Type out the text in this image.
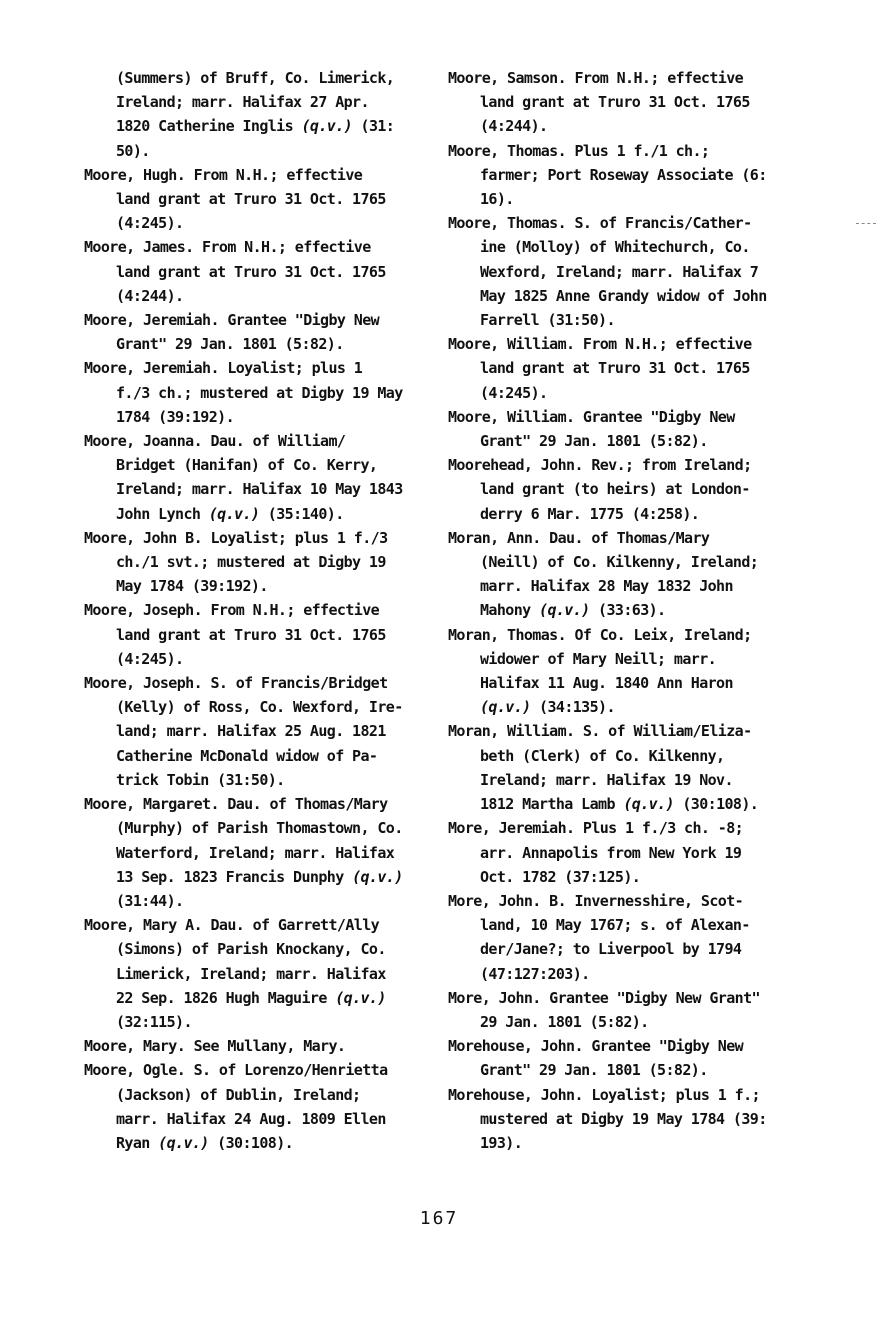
(Summers) of Bruff, Co. Limerick,
Ireland; marr. Halifax 27 Apr.
1820 Catherine Inglis (q.v.) (31:
50).
Moore, Hugh. From N.H.; effective
land grant at Truro 31 Oct. 1765
(4:245).
Moore, James. From N.H.; effective
land grant at Truro 31 Oct. 1765
(4:244).
Moore, Jeremiah. Grantee "Digby New
Grant" 29 Jan. 1801 (5:82).
Moore, Jeremiah. Loyalist; plus 1
f./3 ch.; mustered at Digby 19 May
1784 (39:192).
Moore, Joanna. Dau. of William/
Bridget (Hanifan) of Co. Kerry,
Ireland; marr. Halifax 10 May 1843
John Lynch (q.v.) (35:140).
Moore, John B. Loyalist; plus 1 f./3
ch./1 svt.; mustered at Digby 19
May 1784 (39:192).
Moore, Joseph. From N.H.; effective
land grant at Truro 31 Oct. 1765
(4:245).
Moore, Joseph. S. of Francis/Bridget
(Kelly) of Ross, Co. Wexford, Ire-
land; marr. Halifax 25 Aug. 1821
Catherine McDonald widow of Pa-
trick Tobin (31:50).
Moore, Margaret. Dau. of Thomas/Mary
(Murphy) of Parish Thomastown, Co.
Waterford, Ireland; marr. Halifax
13 Sep. 1823 Francis Dunphy (q.v.)
(31:44).
Moore, Mary A. Dau. of Garrett/Ally
(Simons) of Parish Knockany, Co.
Limerick, Ireland; marr. Halifax
22 Sep. 1826 Hugh Maguire (q.v.)
(32:115).
Moore, Mary. See Mullany, Mary.
Moore, Ogle. S. of Lorenzo/Henrietta
(Jackson) of Dublin, Ireland;
marr. Halifax 24 Aug. 1809 Ellen
Ryan (q.v.) (30:108).
Moore, Samson. From N.H.; effective
land grant at Truro 31 Oct. 1765
(4:244).
Moore, Thomas. Plus 1 f./1 ch.;
farmer; Port Roseway Associate (6:
16).
Moore, Thomas. S. of Francis/Cather-
ine (Molloy) of Whitechurch, Co.
Wexford, Ireland; marr. Halifax 7
May 1825 Anne Grandy widow of John
Farrell (31:50).
Moore, William. From N.H.; effective
land grant at Truro 31 Oct. 1765
(4:245).
Moore, William. Grantee "Digby New
Grant" 29 Jan. 1801 (5:82).
Moorehead, John. Rev.; from Ireland;
land grant (to heirs) at London-
derry 6 Mar. 1775 (4:258).
Moran, Ann. Dau. of Thomas/Mary
(Neill) of Co. Kilkenny, Ireland;
marr. Halifax 28 May 1832 John
Mahony (q.v.) (33:63).
Moran, Thomas. Of Co. Leix, Ireland;
widower of Mary Neill; marr.
Halifax 11 Aug. 1840 Ann Haron
(q.v.) (34:135).
Moran, William. S. of William/Eliza-
beth (Clerk) of Co. Kilkenny,
Ireland; marr. Halifax 19 Nov.
1812 Martha Lamb (q.v.) (30:108).
More, Jeremiah. Plus 1 f./3 ch. -8;
arr. Annapolis from New York 19
Oct. 1782 (37:125).
More, John. B. Invernesshire, Scot-
land, 10 May 1767; s. of Alexan-
der/Jane?; to Liverpool by 1794
(47:127:203).
More, John. Grantee "Digby New Grant"
29 Jan. 1801 (5:82).
Morehouse, John. Grantee "Digby New
Grant" 29 Jan. 1801 (5:82).
Morehouse, John. Loyalist; plus 1 f.;
mustered at Digby 19 May 1784 (39:
193).
167
